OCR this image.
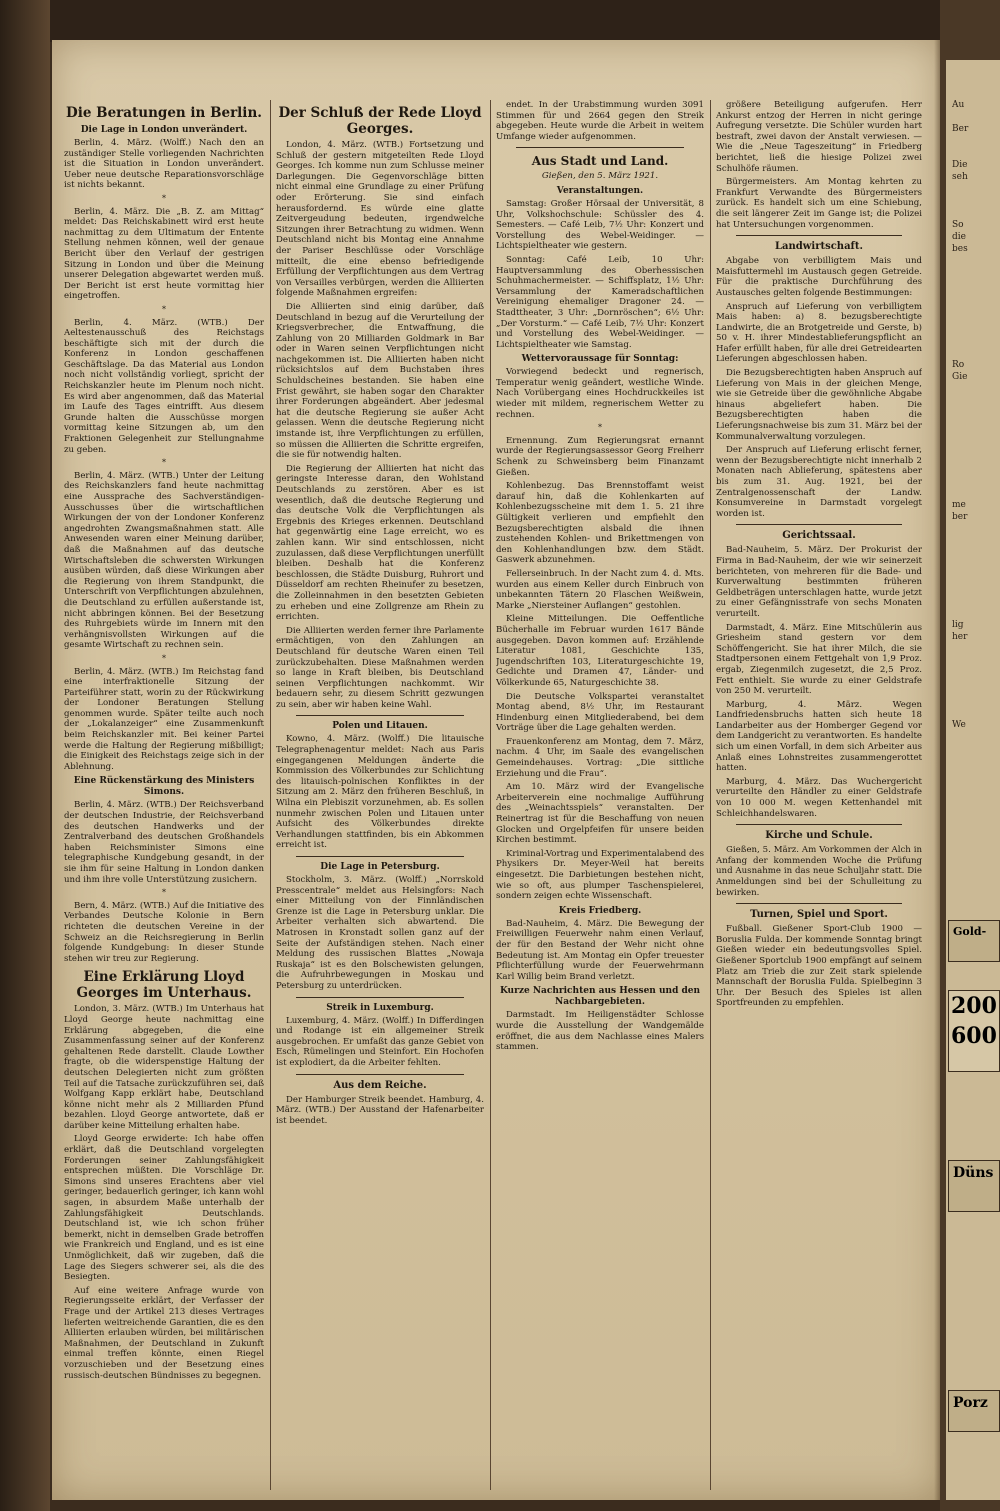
Die Beratungen in Berlin.
Die Lage in London unverändert.

Berlin, 4. März. (Wolff.) Nach den an zuständiger Stelle vorliegenden Nachrichten ist die Situation in London unverändert. Ueber neue deutsche Reparationsvorschläge ist nichts bekannt.

*

Berlin, 4. März. Die „B. Z. am Mittag“ meldet: Das Reichskabinett wird erst heute nachmittag zu dem Ultimatum der Entente Stellung nehmen können, weil der genaue Bericht über den Verlauf der gestrigen Sitzung in London und über die Meinung unserer Delegation abgewartet werden muß. Der Bericht ist erst heute vormittag hier eingetroffen.

*

Berlin, 4. März. (WTB.) Der Aeltestenausschuß des Reichstags beschäftigte sich mit der durch die Konferenz in London geschaffenen Geschäftslage. Da das Material aus London noch nicht vollständig vorliegt, spricht der Reichskanzler heute im Plenum noch nicht. Es wird aber angenommen, daß das Material im Laufe des Tages eintrifft. Aus diesem Grunde halten die Ausschüsse morgen vormittag keine Sitzungen ab, um den Fraktionen Gelegenheit zur Stellungnahme zu geben.

*

Berlin, 4. März. (WTB.) Unter der Leitung des Reichskanzlers fand heute nachmittag eine Aussprache des Sachverständigen-Ausschusses über die wirtschaftlichen Wirkungen der von der Londoner Konferenz angedrohten Zwangsmaßnahmen statt. Alle Anwesenden waren einer Meinung darüber, daß die Maßnahmen auf das deutsche Wirtschaftsleben die schwersten Wirkungen ausüben würden, daß diese Wirkungen aber die Regierung von ihrem Standpunkt, die Unterschrift von Verpflichtungen abzulehnen, die Deutschland zu erfüllen außerstande ist, nicht abbringen können. Bei der Besetzung des Ruhrgebiets würde im Innern mit den verhängnisvollsten Wirkungen auf die gesamte Wirtschaft zu rechnen sein.

*

Berlin, 4. März. (WTB.) Im Reichstag fand eine interfraktionelle Sitzung der Parteiführer statt, worin zu der Rückwirkung der Londoner Beratungen Stellung genommen wurde. Später teilte auch noch der „Lokalanzeiger“ eine Zusammenkunft beim Reichskanzler mit. Bei keiner Partei werde die Haltung der Regierung mißbilligt; die Einigkeit des Reichstags zeige sich in der Ablehnung.

Eine Rückenstärkung des Ministers Simons.

Berlin, 4. März. (WTB.) Der Reichsverband der deutschen Industrie, der Reichsverband des deutschen Handwerks und der Zentralverband des deutschen Großhandels haben Reichsminister Simons eine telegraphische Kundgebung gesandt, in der sie ihm für seine Haltung in London danken und ihm ihre volle Unterstützung zusichern.

*

Bern, 4. März. (WTB.) Auf die Initiative des Verbandes Deutsche Kolonie in Bern richteten die deutschen Vereine in der Schweiz an die Reichsregierung in Berlin folgende Kundgebung: In dieser Stunde stehen wir treu zur Regierung.

Eine Erklärung Lloyd Georges im Unterhaus.

London, 3. März. (WTB.) Im Unterhaus hat Lloyd George heute nachmittag eine Erklärung abgegeben, die eine Zusammenfassung seiner auf der Konferenz gehaltenen Rede darstellt. Claude Lowther fragte, ob die widerspenstige Haltung der deutschen Delegierten nicht zum größten Teil auf die Tatsache zurückzuführen sei, daß Wolfgang Kapp erklärt habe, Deutschland könne nicht mehr als 2 Milliarden Pfund bezahlen. Lloyd George antwortete, daß er darüber keine Mitteilung erhalten habe.

Lloyd George erwiderte: Ich habe offen erklärt, daß die Deutschland vorgelegten Forderungen seiner Zahlungsfähigkeit entsprechen müßten. Die Vorschläge Dr. Simons sind unseres Erachtens aber viel geringer, bedauerlich geringer, ich kann wohl sagen, in absurdem Maße unterhalb der Zahlungsfähigkeit Deutschlands. Deutschland ist, wie ich schon früher bemerkt, nicht in demselben Grade betroffen wie Frankreich und England, und es ist eine Unmöglichkeit, daß wir zugeben, daß die Lage des Siegers schwerer sei, als die des Besiegten.

Auf eine weitere Anfrage wurde von Regierungsseite erklärt, der Verfasser der Frage und der Artikel 213 dieses Vertrages lieferten weitreichende Garantien, die es den Alliierten erlauben würden, bei militärischen Maßnahmen, der Deutschland in Zukunft einmal treffen könnte, einen Riegel vorzuschieben und der Besetzung eines russisch-deutschen Bündnisses zu begegnen.

Der Schluß der Rede Lloyd Georges.

London, 4. März. (WTB.) Fortsetzung und Schluß der gestern mitgeteilten Rede Lloyd Georges. Ich komme nun zum Schlusse meiner Darlegungen. Die Gegenvorschläge bitten nicht einmal eine Grundlage zu einer Prüfung oder Erörterung. Sie sind einfach herausfordernd. Es würde eine glatte Zeitvergeudung bedeuten, irgendwelche Sitzungen ihrer Betrachtung zu widmen. Wenn Deutschland nicht bis Montag eine Annahme der Pariser Beschlüsse oder Vorschläge mitteilt, die eine ebenso befriedigende Erfüllung der Verpflichtungen aus dem Vertrag von Versailles verbürgen, werden die Alliierten folgende Maßnahmen ergreifen:

Die Alliierten sind einig darüber, daß Deutschland in bezug auf die Verurteilung der Kriegsverbrecher, die Entwaffnung, die Zahlung von 20 Milliarden Goldmark in Bar oder in Waren seinen Verpflichtungen nicht nachgekommen ist. Die Alliierten haben nicht rücksichtslos auf dem Buchstaben ihres Schuldscheines bestanden. Sie haben eine Frist gewährt, sie haben sogar den Charakter ihrer Forderungen abgeändert. Aber jedesmal hat die deutsche Regierung sie außer Acht gelassen. Wenn die deutsche Regierung nicht imstande ist, ihre Verpflichtungen zu erfüllen, so müssen die Alliierten die Schritte ergreifen, die sie für notwendig halten.

Die Regierung der Alliierten hat nicht das geringste Interesse daran, den Wohlstand Deutschlands zu zerstören. Aber es ist wesentlich, daß die deutsche Regierung und das deutsche Volk die Verpflichtungen als Ergebnis des Krieges erkennen. Deutschland hat gegenwärtig eine Lage erreicht, wo es zahlen kann. Wir sind entschlossen, nicht zuzulassen, daß diese Verpflichtungen unerfüllt bleiben. Deshalb hat die Konferenz beschlossen, die Städte Duisburg, Ruhrort und Düsseldorf am rechten Rheinufer zu besetzen, die Zolleinnahmen in den besetzten Gebieten zu erheben und eine Zollgrenze am Rhein zu errichten.

Die Alliierten werden ferner ihre Parlamente ermächtigen, von den Zahlungen an Deutschland für deutsche Waren einen Teil zurückzubehalten. Diese Maßnahmen werden so lange in Kraft bleiben, bis Deutschland seinen Verpflichtungen nachkommt. Wir bedauern sehr, zu diesem Schritt gezwungen zu sein, aber wir haben keine Wahl.

Polen und Litauen.

Kowno, 4. März. (Wolff.) Die litauische Telegraphenagentur meldet: Nach aus Paris eingegangenen Meldungen änderte die Kommission des Völkerbundes zur Schlichtung des litauisch-polnischen Konfliktes in der Sitzung am 2. März den früheren Beschluß, in Wilna ein Plebiszit vorzunehmen, ab. Es sollen nunmehr zwischen Polen und Litauen unter Aufsicht des Völkerbundes direkte Verhandlungen stattfinden, bis ein Abkommen erreicht ist.

Die Lage in Petersburg.

Stockholm, 3. März. (Wolff.) „Norrskold Presscentrale“ meldet aus Helsingfors: Nach einer Mitteilung von der Finnländischen Grenze ist die Lage in Petersburg unklar. Die Arbeiter verhalten sich abwartend. Die Matrosen in Kronstadt sollen ganz auf der Seite der Aufständigen stehen. Nach einer Meldung des russischen Blattes „Nowaja Ruskaja“ ist es den Bolschewisten gelungen, die Aufruhrbewegungen in Moskau und Petersburg zu unterdrücken.

Streik in Luxemburg.

Luxemburg, 4. März. (Wolff.) In Differdingen und Rodange ist ein allgemeiner Streik ausgebrochen. Er umfaßt das ganze Gebiet von Esch, Rümelingen und Steinfort. Ein Hochofen ist explodiert, da die Arbeiter fehlten.

Aus dem Reiche.

Der Hamburger Streik beendet. Hamburg, 4. März. (WTB.) Der Ausstand der Hafenarbeiter ist beendet.

endet. In der Urabstimmung wurden 3091 Stimmen für und 2664 gegen den Streik abgegeben. Heute wurde die Arbeit in weitem Umfange wieder aufgenommen.

Aus Stadt und Land.
Gießen, den 5. März 1921.
Veranstaltungen.

Samstag: Großer Hörsaal der Universität, 8 Uhr, Volkshochschule: Schüssler des 4. Semesters. — Café Leib, 7½ Uhr: Konzert und Vorstellung des Webel-Weidinger. — Lichtspieltheater wie gestern.

Sonntag: Café Leib, 10 Uhr: Hauptversammlung des Oberhessischen Schuhmachermeister. — Schiffsplatz, 1½ Uhr: Versammlung der Kameradschaftlichen Vereinigung ehemaliger Dragoner 24. — Stadttheater, 3 Uhr: „Dornröschen“; 6½ Uhr: „Der Vorsturm.“ — Café Leib, 7½ Uhr: Konzert und Vorstellung des Webel-Weidinger. — Lichtspieltheater wie Samstag.

Wettervoraussage für Sonntag:

Vorwiegend bedeckt und regnerisch, Temperatur wenig geändert, westliche Winde. Nach Vorübergang eines Hochdruckkeiles ist wieder mit mildem, regnerischem Wetter zu rechnen.

*

Ernennung. Zum Regierungsrat ernannt wurde der Regierungsassessor Georg Freiherr Schenk zu Schweinsberg beim Finanzamt Gießen.

Kohlenbezug. Das Brennstoffamt weist darauf hin, daß die Kohlenkarten auf Kohlenbezugsscheine mit dem 1. 5. 21 ihre Gültigkeit verlieren und empfiehlt den Bezugsberechtigten alsbald die ihnen zustehenden Kohlen- und Brikettmengen von den Kohlenhandlungen bzw. dem Städt. Gaswerk abzunehmen.

Fellerseinbruch. In der Nacht zum 4. d. Mts. wurden aus einem Keller durch Einbruch von unbekannten Tätern 20 Flaschen Weißwein, Marke „Niersteiner Auflangen“ gestohlen.

Kleine Mitteilungen. Die Oeffentliche Bücherhalle im Februar wurden 1617 Bände ausgegeben. Davon kommen auf: Erzählende Literatur 1081, Geschichte 135, Jugendschriften 103, Literaturgeschichte 19, Gedichte und Dramen 47, Länder- und Völkerkunde 65, Naturgeschichte 38.

Die Deutsche Volkspartei veranstaltet Montag abend, 8½ Uhr, im Restaurant Hindenburg einen Mitgliederabend, bei dem Vorträge über die Lage gehalten werden.

Frauenkonferenz am Montag, dem 7. März, nachm. 4 Uhr, im Saale des evangelischen Gemeindehauses. Vortrag: „Die sittliche Erziehung und die Frau“.

Am 10. März wird der Evangelische Arbeiterverein eine nochmalige Aufführung des „Weinachtsspiels“ veranstalten. Der Reinertrag ist für die Beschaffung von neuen Glocken und Orgelpfeifen für unsere beiden Kirchen bestimmt.

Kriminal-Vortrag und Experimentalabend des Physikers Dr. Meyer-Weil hat bereits eingesetzt. Die Darbietungen bestehen nicht, wie so oft, aus plumper Taschenspielerei, sondern zeigen echte Wissenschaft.

Kreis Friedberg.

Bad-Nauheim, 4. März. Die Bewegung der Freiwilligen Feuerwehr nahm einen Verlauf, der für den Bestand der Wehr nicht ohne Bedeutung ist. Am Montag ein Opfer treuester Pflichterfüllung wurde der Feuerwehrmann Karl Willig beim Brand verletzt.

Kurze Nachrichten aus Hessen und den Nachbargebieten.

Darmstadt. Im Heiligenstädter Schlosse wurde die Ausstellung der Wandgemälde eröffnet, die aus dem Nachlasse eines Malers stammen.

größere Beteiligung aufgerufen. Herr Ankurst entzog der Herren in nicht geringe Aufregung versetzte. Die Schüler wurden hart bestraft, zwei davon der Anstalt verwiesen. — Wie die „Neue Tageszeitung“ in Friedberg berichtet, ließ die hiesige Polizei zwei Schulhöfe räumen.

Bürgermeisters. Am Montag kehrten zu Frankfurt Verwandte des Bürgermeisters zurück. Es handelt sich um eine Schiebung, die seit längerer Zeit im Gange ist; die Polizei hat Untersuchungen vorgenommen.

Landwirtschaft.

Abgabe von verbilligtem Mais und Maisfuttermehl im Austausch gegen Getreide. Für die praktische Durchführung des Austausches gelten folgende Bestimmungen:

Anspruch auf Lieferung von verbilligtem Mais haben: a) 8. bezugsberechtigte Landwirte, die an Brotgetreide und Gerste, b) 50 v. H. ihrer Mindestablieferungspflicht an Hafer erfüllt haben, für alle drei Getreidearten Lieferungen abgeschlossen haben.

Die Bezugsberechtigten haben Anspruch auf Lieferung von Mais in der gleichen Menge, wie sie Getreide über die gewöhnliche Abgabe hinaus abgeliefert haben. Die Bezugsberechtigten haben die Lieferungsnachweise bis zum 31. März bei der Kommunalverwaltung vorzulegen.

Der Anspruch auf Lieferung erlischt ferner, wenn der Bezugsberechtigte nicht innerhalb 2 Monaten nach Ablieferung, spätestens aber bis zum 31. Aug. 1921, bei der Zentralgenossenschaft der Landw. Konsumvereine in Darmstadt vorgelegt worden ist.

Gerichtssaal.

Bad-Nauheim, 5. März. Der Prokurist der Firma in Bad-Nauheim, der wie wir seinerzeit berichteten, von mehreren für die Bade- und Kurverwaltung bestimmten früheren Geldbeträgen unterschlagen hatte, wurde jetzt zu einer Gefängnisstrafe von sechs Monaten verurteilt.

Darmstadt, 4. März. Eine Mitschülerin aus Griesheim stand gestern vor dem Schöffengericht. Sie hat ihrer Milch, die sie Stadtpersonen einem Fettgehalt von 1,9 Proz. ergab, Ziegenmilch zugesetzt, die 2,5 Proz. Fett enthielt. Sie wurde zu einer Geldstrafe von 250 M. verurteilt.

Marburg, 4. März. Wegen Landfriedensbruchs hatten sich heute 18 Landarbeiter aus der Homberger Gegend vor dem Landgericht zu verantworten. Es handelte sich um einen Vorfall, in dem sich Arbeiter aus Anlaß eines Lohnstreites zusammengerottet hatten.

Marburg, 4. März. Das Wuchergericht verurteilte den Händler zu einer Geldstrafe von 10 000 M. wegen Kettenhandel mit Schleichhandelswaren.

Kirche und Schule.

Gießen, 5. März. Am Vorkommen der Alch in Anfang der kommenden Woche die Prüfung und Ausnahme in das neue Schuljahr statt. Die Anmeldungen sind bei der Schulleitung zu bewirken.

Turnen, Spiel und Sport.

Fußball. Gießener Sport-Club 1900 — Boruslia Fulda. Der kommende Sonntag bringt Gießen wieder ein bedeutungsvolles Spiel. Gießener Sportclub 1900 empfängt auf seinem Platz am Trieb die zur Zeit stark spielende Mannschaft der Boruslia Fulda. Spielbeginn 3 Uhr. Der Besuch des Spieles ist allen Sportfreunden zu empfehlen.

Au
Ber
Die
seh
So
die
bes
Ro
Gie
me
ber
lig
her
We
Gold-
200
600
Düns
Porz
